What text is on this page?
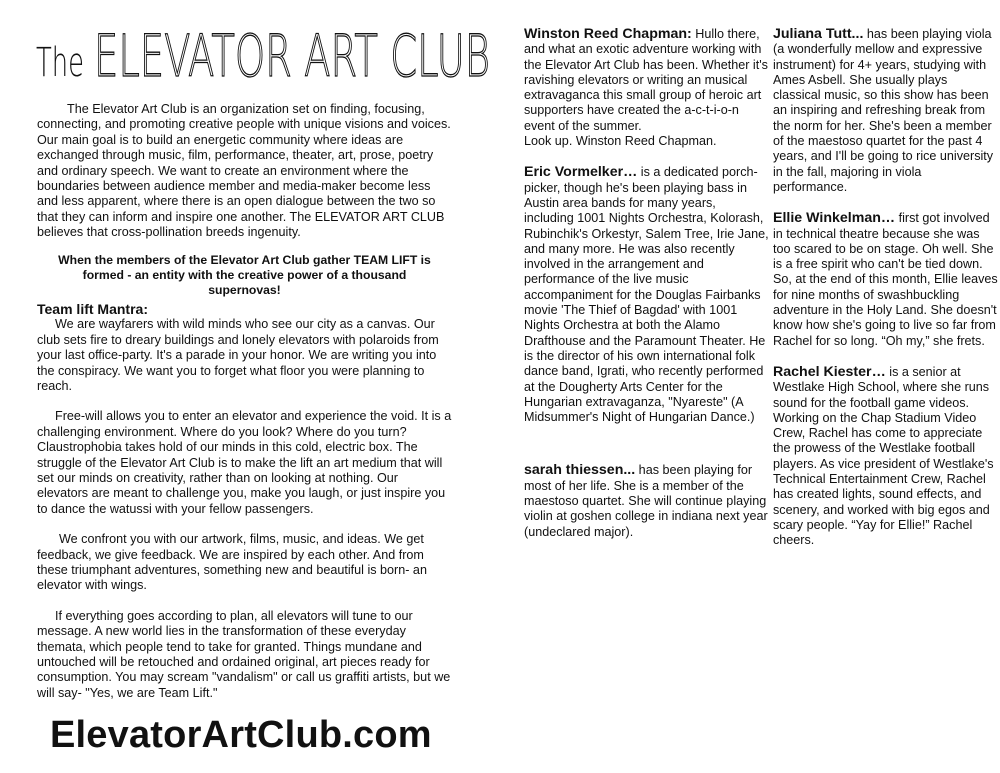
The ELEVATOR ART CLUB

The Elevator Art Club is an organization set on finding, focusing, connecting, and promoting creative people with unique visions and voices. Our main goal is to build an energetic community where ideas are exchanged through music, film, performance, theater, art, prose, poetry and ordinary speech. We want to create an environment where the boundaries between audience member and media-maker become less and less apparent, where there is an open dialogue between the two so that they can inform and inspire one another. The ELEVATOR ART CLUB believes that cross-pollination breeds ingenuity.

When the members of the Elevator Art Club gather TEAM LIFT is formed - an entity with the creative power of a thousand supernovas!

Team lift Mantra:

We are wayfarers with wild minds who see our city as a canvas. Our club sets fire to dreary buildings and lonely elevators with polaroids from your last office-party. It's a parade in your honor. We are writing you into the conspiracy. We want you to forget what floor you were planning to reach.

Free-will allows you to enter an elevator and experience the void. It is a challenging environment. Where do you look? Where do you turn? Claustrophobia takes hold of our minds in this cold, electric box. The struggle of the Elevator Art Club is to make the lift an art medium that will set our minds on creativity, rather than on looking at nothing. Our elevators are meant to challenge you, make you laugh, or just inspire you to dance the watussi with your fellow passengers.

We confront you with our artwork, films, music, and ideas. We get feedback, we give feedback. We are inspired by each other. And from these triumphant adventures, something new and beautiful is born- an elevator with wings.

If everything goes according to plan, all elevators will tune to our message. A new world lies in the transformation of these everyday themata, which people tend to take for granted. Things mundane and untouched will be retouched and ordained original, art pieces ready for consumption. You may scream "vandalism" or call us graffiti artists, but we will say- "Yes, we are Team Lift."

ElevatorArtClub.com

Winston Reed Chapman: Hullo there, and what an exotic adventure working with the Elevator Art Club has been. Whether it's ravishing elevators or writing an musical extravaganca this small group of heroic art supporters have created the a-c-t-i-o-n event of the summer.
Look up. Winston Reed Chapman.

Eric Vormelker… is a dedicated porch-picker, though he's been playing bass in Austin area bands for many years, including 1001 Nights Orchestra, Kolorash, Rubinchik's Orkestyr, Salem Tree, Irie Jane, and many more. He was also recently involved in the arrangement and performance of the live music accompaniment for the Douglas Fairbanks movie 'The Thief of Bagdad' with 1001 Nights Orchestra at both the Alamo Drafthouse and the Paramount Theater. He is the director of his own international folk dance band, Igrati, who recently performed at the Dougherty Arts Center for the Hungarian extravaganza, "Nyareste" (A Midsummer's Night of Hungarian Dance.)

sarah thiessen... has been playing for most of her life. She is a member of the maestoso quartet. She will continue playing violin at goshen college in indiana next year (undeclared major).

Juliana Tutt... has been playing viola (a wonderfully mellow and expressive instrument) for 4+ years, studying with Ames Asbell. She usually plays classical music, so this show has been an inspiring and refreshing break from the norm for her. She's been a member of the maestoso quartet for the past 4 years, and I'll be going to rice university in the fall, majoring in viola performance.

Ellie Winkelman… first got involved in technical theatre because she was too scared to be on stage. Oh well. She is a free spirit who can't be tied down. So, at the end of this month, Ellie leaves for nine months of swashbuckling adventure in the Holy Land. She doesn't know how she's going to live so far from Rachel for so long. “Oh my,” she frets.

Rachel Kiester… is a senior at Westlake High School, where she runs sound for the football game videos. Working on the Chap Stadium Video Crew, Rachel has come to appreciate the prowess of the Westlake football players. As vice president of Westlake's Technical Entertainment Crew, Rachel has created lights, sound effects, and scenery, and worked with big egos and scary people. “Yay for Ellie!” Rachel cheers.
